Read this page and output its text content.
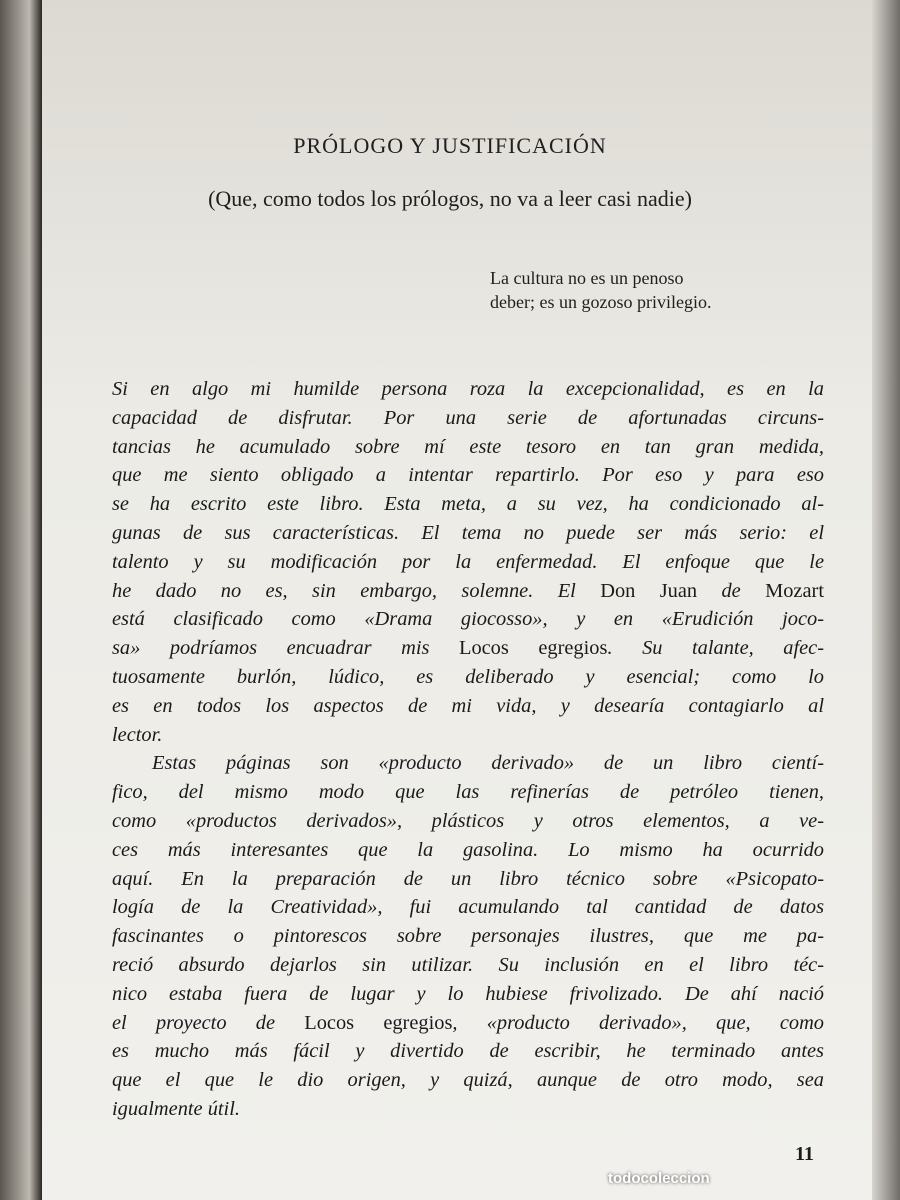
PRÓLOGO Y JUSTIFICACIÓN
(Que, como todos los prólogos, no va a leer casi nadie)
La cultura no es un penoso
deber; es un gozoso privilegio.
Si en algo mi humilde persona roza la excepcionalidad, es en la
capacidad de disfrutar. Por una serie de afortunadas circuns-
tancias he acumulado sobre mí este tesoro en tan gran medida,
que me siento obligado a intentar repartirlo. Por eso y para eso
se ha escrito este libro. Esta meta, a su vez, ha condicionado al-
gunas de sus características. El tema no puede ser más serio: el
talento y su modificación por la enfermedad. El enfoque que le
he dado no es, sin embargo, solemne. El Don Juan de Mozart
está clasificado como «Drama giocosso», y en «Erudición joco-
sa» podríamos encuadrar mis Locos egregios. Su talante, afec-
tuosamente burlón, lúdico, es deliberado y esencial; como lo
es en todos los aspectos de mi vida, y desearía contagiarlo al
lector.
Estas páginas son «producto derivado» de un libro cientí-
fico, del mismo modo que las refinerías de petróleo tienen,
como «productos derivados», plásticos y otros elementos, a ve-
ces más interesantes que la gasolina. Lo mismo ha ocurrido
aquí. En la preparación de un libro técnico sobre «Psicopato-
logía de la Creatividad», fui acumulando tal cantidad de datos
fascinantes o pintorescos sobre personajes ilustres, que me pa-
reció absurdo dejarlos sin utilizar. Su inclusión en el libro téc-
nico estaba fuera de lugar y lo hubiese frivolizado. De ahí nació
el proyecto de Locos egregios, «producto derivado», que, como
es mucho más fácil y divertido de escribir, he terminado antes
que el que le dio origen, y quizá, aunque de otro modo, sea
igualmente útil.
11
todocoleccion
